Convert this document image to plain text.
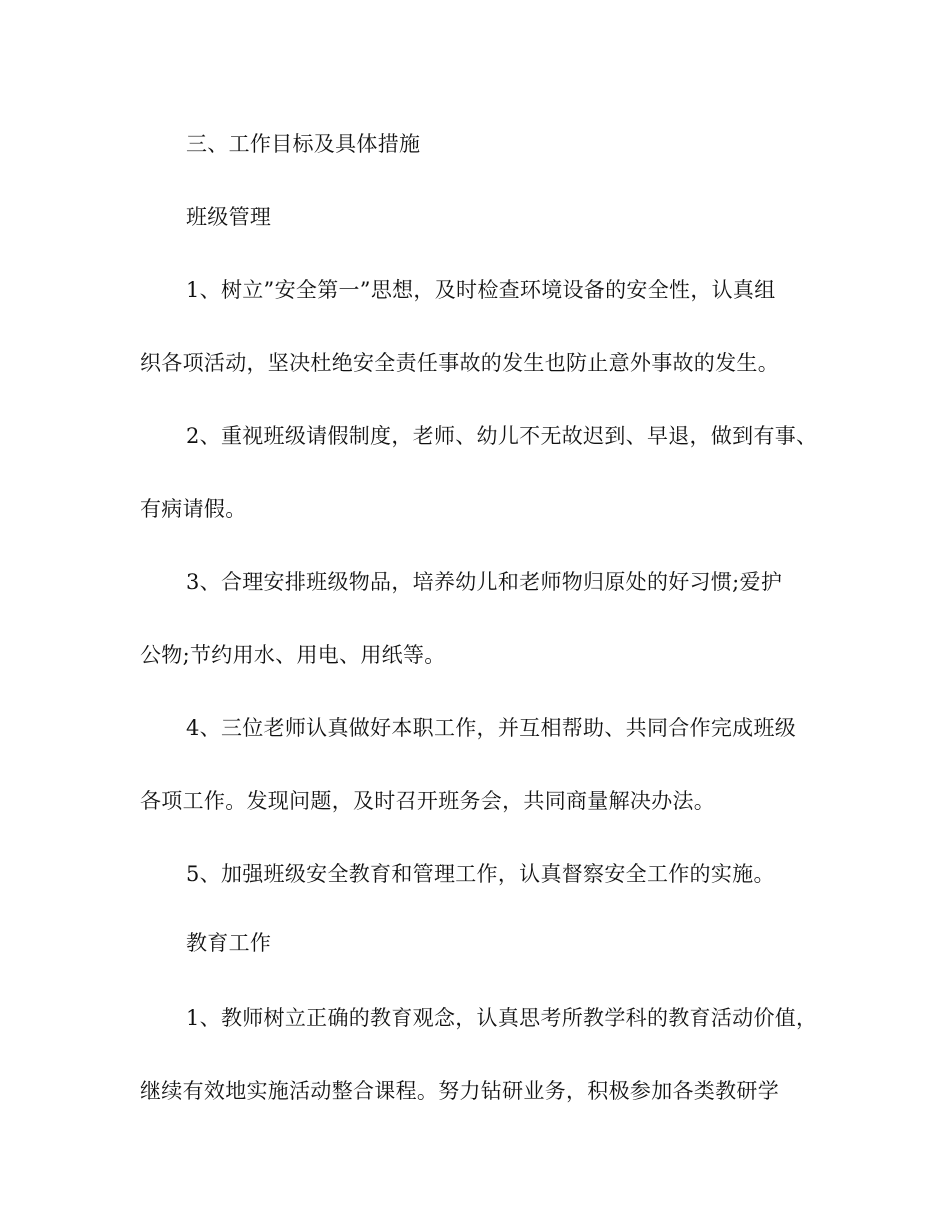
三、工作目标及具体措施
班级管理
1、树立”安全第一”思想，及时检查环境设备的安全性，认真组
织各项活动，坚决杜绝安全责任事故的发生也防止意外事故的发生。
2、重视班级请假制度，老师、幼儿不无故迟到、早退，做到有事、
有病请假。
3、合理安排班级物品，培养幼儿和老师物归原处的好习惯;爱护
公物;节约用水、用电、用纸等。
4、三位老师认真做好本职工作，并互相帮助、共同合作完成班级
各项工作。发现问题，及时召开班务会，共同商量解决办法。
5、加强班级安全教育和管理工作，认真督察安全工作的实施。
教育工作
1、教师树立正确的教育观念，认真思考所教学科的教育活动价值，
继续有效地实施活动整合课程。努力钻研业务，积极参加各类教研学
